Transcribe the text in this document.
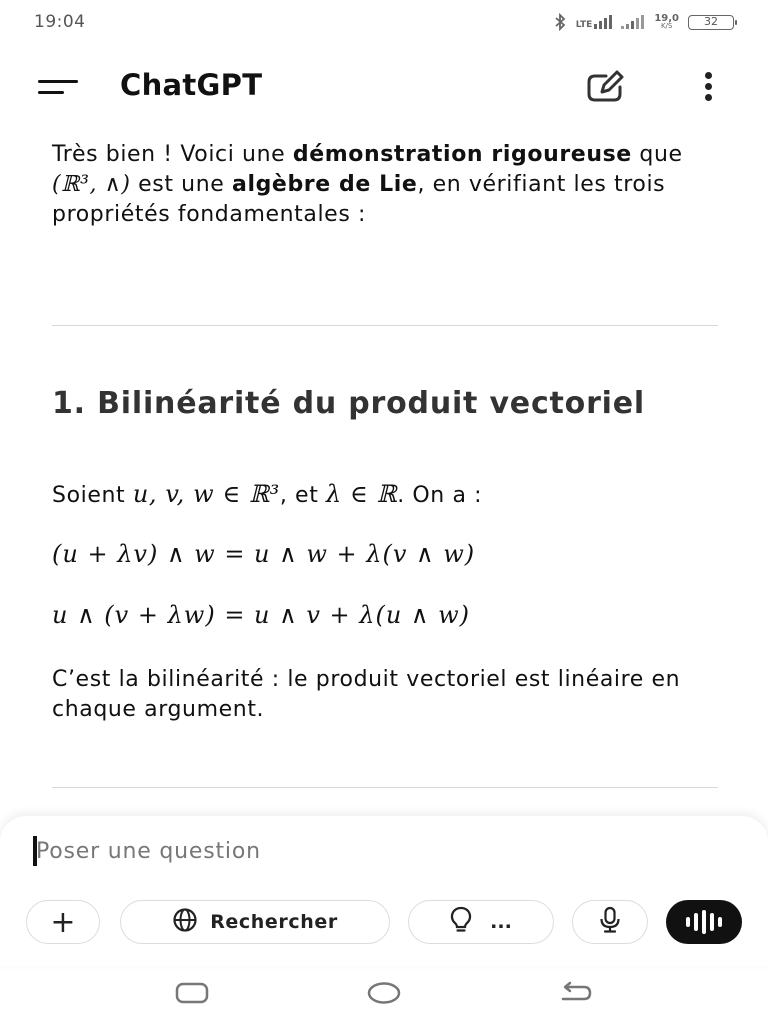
19:04	LTE
19,0
K/S	32
ChatGPT

Très bien ! Voici une démonstration rigoureuse que (ℝ³, ∧) est une algèbre de Lie, en vérifiant les trois propriétés fondamentales :

1. Bilinéarité du produit vectoriel
Soient u, v, w ∈ ℝ³, et λ ∈ ℝ. On a :
(u + λv) ∧ w = u ∧ w + λ(v ∧ w)
u ∧ (v + λw) = u ∧ v + λ(u ∧ w)
C’est la bilinéarité : le produit vectoriel est linéaire en chaque argument.
Poser une question
+	Rechercher	...
